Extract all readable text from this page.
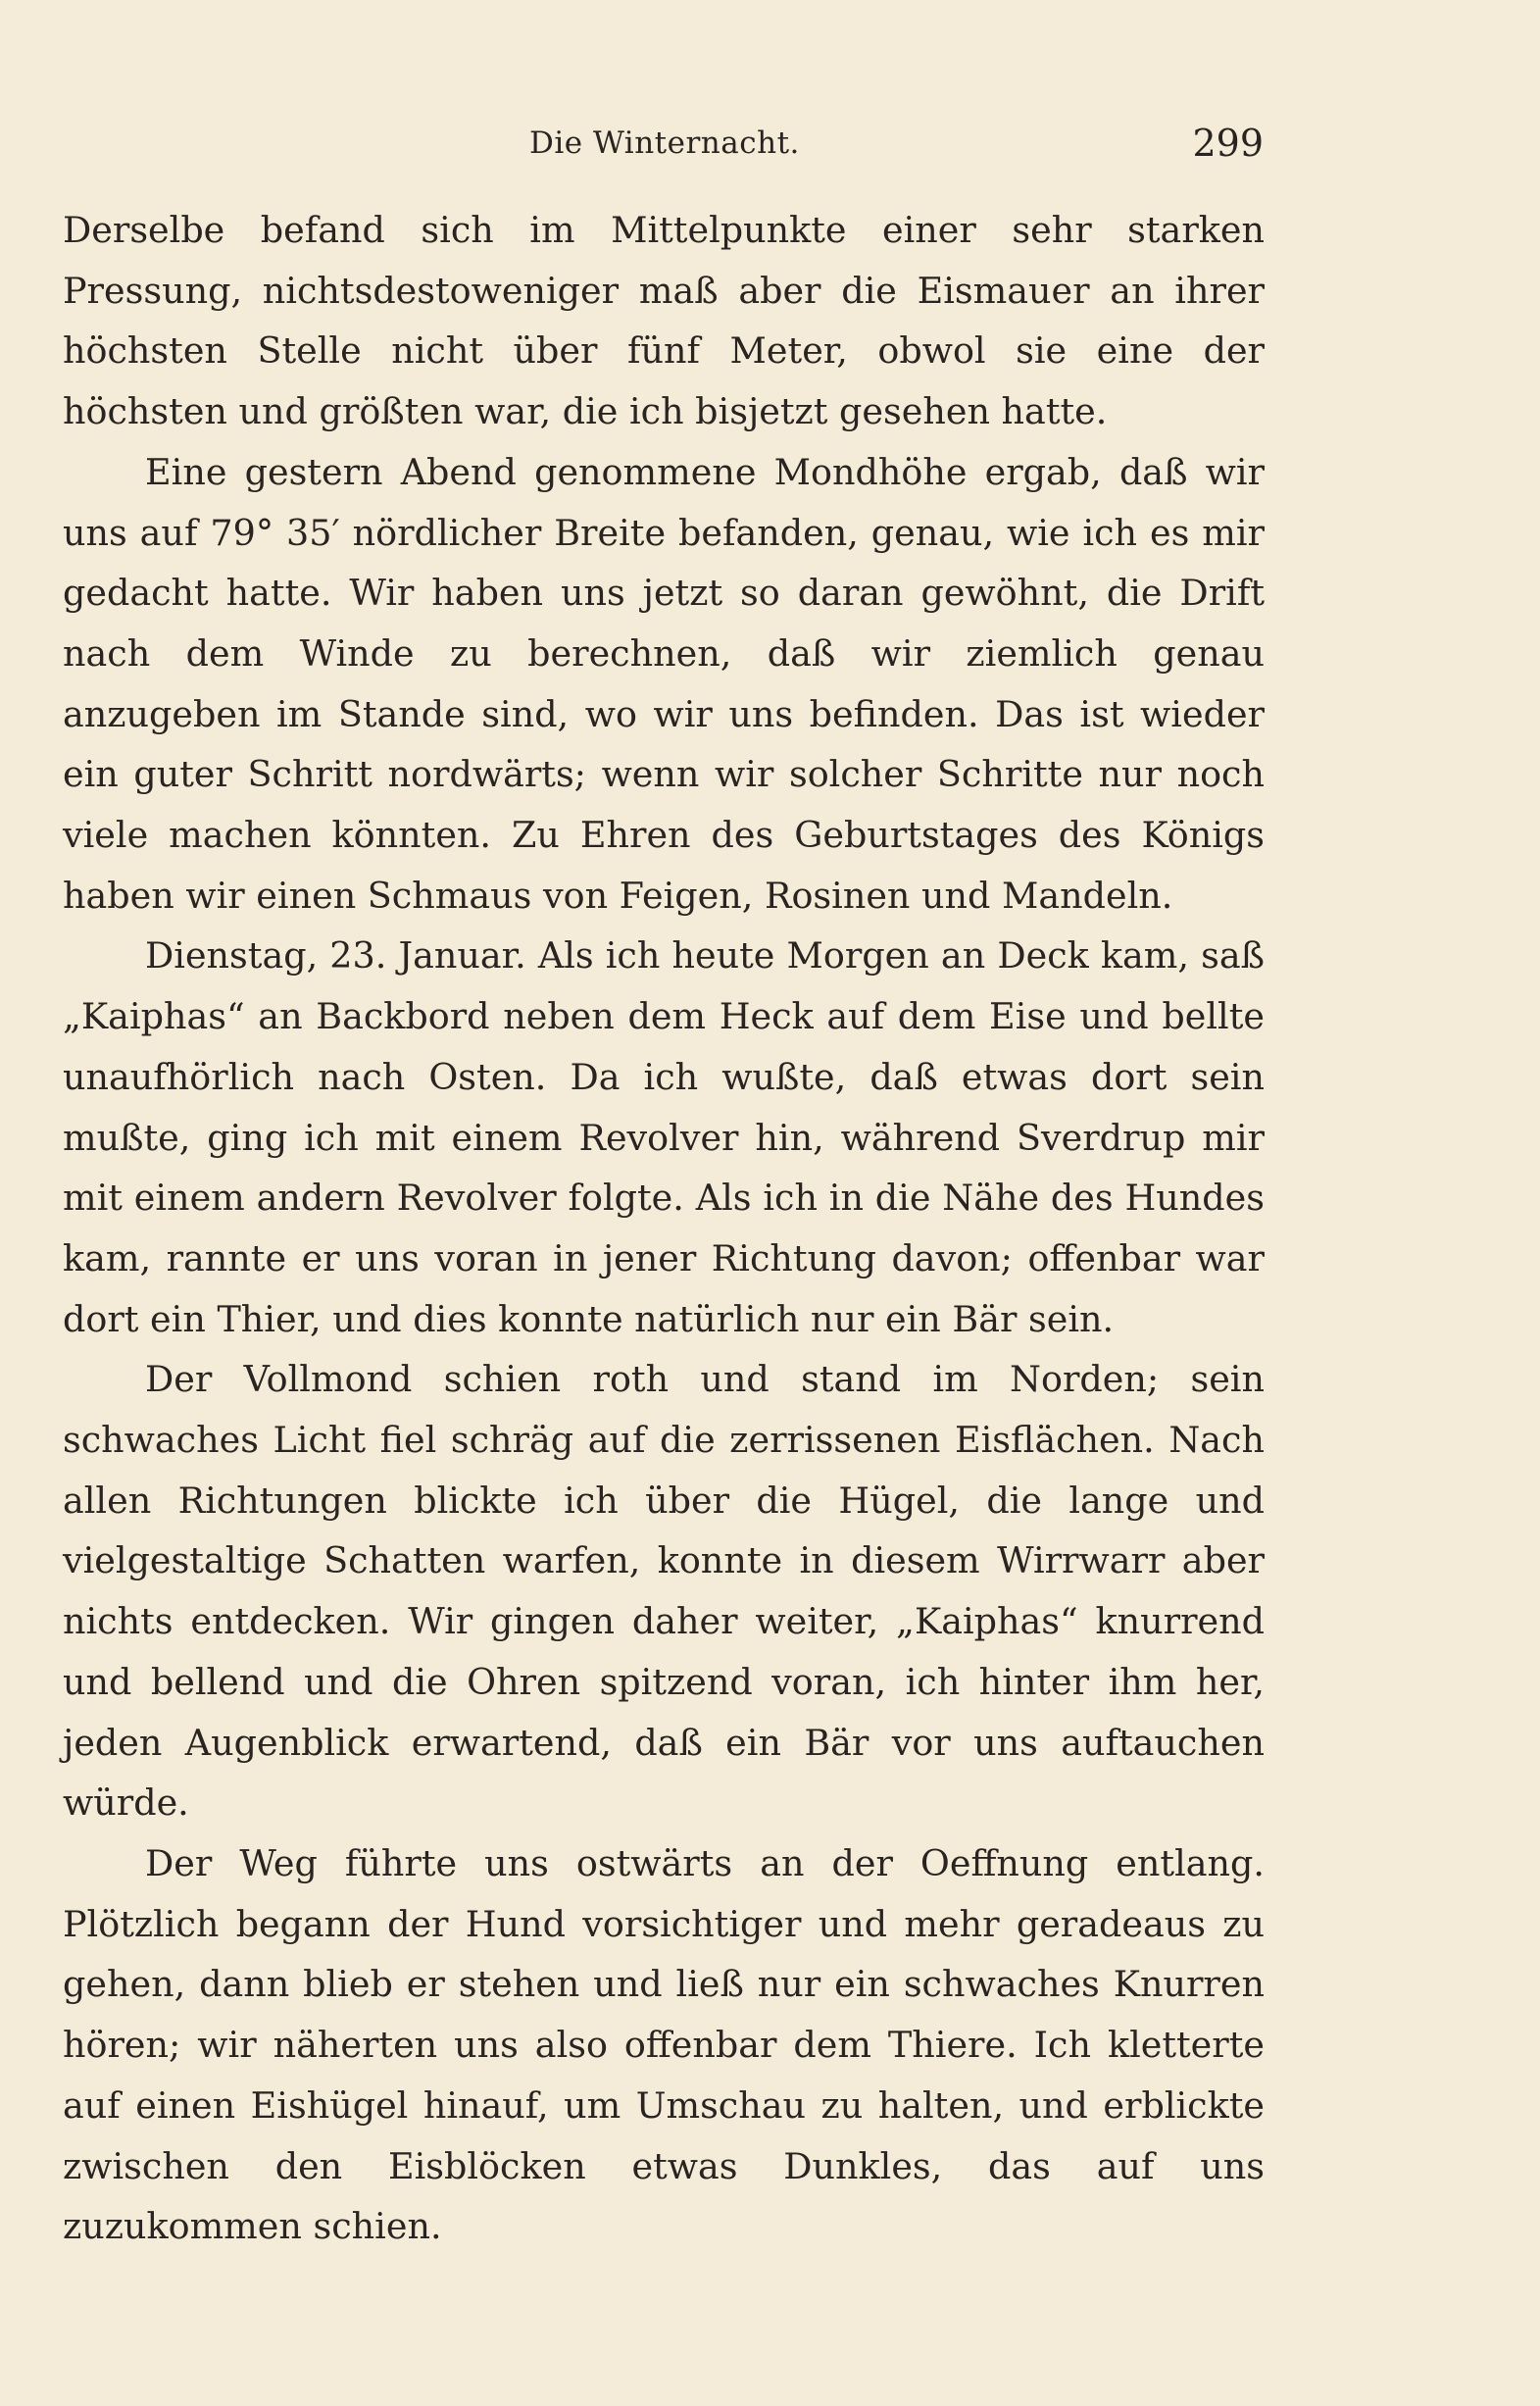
Die Winternacht.	299

Derselbe befand sich im Mittelpunkte einer sehr starken Pressung, nichtsdestoweniger maß aber die Eismauer an ihrer höchsten Stelle nicht über fünf Meter, obwol sie eine der höchsten und größten war, die ich bisjetzt gesehen hatte.

Eine gestern Abend genommene Mondhöhe ergab, daß wir uns auf 79° 35′ nördlicher Breite befanden, genau, wie ich es mir gedacht hatte. Wir haben uns jetzt so daran gewöhnt, die Drift nach dem Winde zu berechnen, daß wir ziemlich genau anzugeben im Stande sind, wo wir uns befinden. Das ist wieder ein guter Schritt nordwärts; wenn wir solcher Schritte nur noch viele machen könnten. Zu Ehren des Geburtstages des Königs haben wir einen Schmaus von Feigen, Rosinen und Mandeln.

Dienstag, 23. Januar. Als ich heute Morgen an Deck kam, saß „Kaiphas“ an Backbord neben dem Heck auf dem Eise und bellte unaufhörlich nach Osten. Da ich wußte, daß etwas dort sein mußte, ging ich mit einem Revolver hin, während Sverdrup mir mit einem andern Revolver folgte. Als ich in die Nähe des Hundes kam, rannte er uns voran in jener Richtung davon; offenbar war dort ein Thier, und dies konnte natürlich nur ein Bär sein.

Der Vollmond schien roth und stand im Norden; sein schwaches Licht fiel schräg auf die zerrissenen Eisflächen. Nach allen Richtungen blickte ich über die Hügel, die lange und vielgestaltige Schatten warfen, konnte in diesem Wirrwarr aber nichts entdecken. Wir gingen daher weiter, „Kaiphas“ knurrend und bellend und die Ohren spitzend voran, ich hinter ihm her, jeden Augenblick erwartend, daß ein Bär vor uns auftauchen würde.

Der Weg führte uns ostwärts an der Oeffnung entlang. Plötzlich begann der Hund vorsichtiger und mehr geradeaus zu gehen, dann blieb er stehen und ließ nur ein schwaches Knurren hören; wir näherten uns also offenbar dem Thiere. Ich kletterte auf einen Eishügel hinauf, um Umschau zu halten, und erblickte zwischen den Eisblöcken etwas Dunkles, das auf uns zuzukommen schien.
